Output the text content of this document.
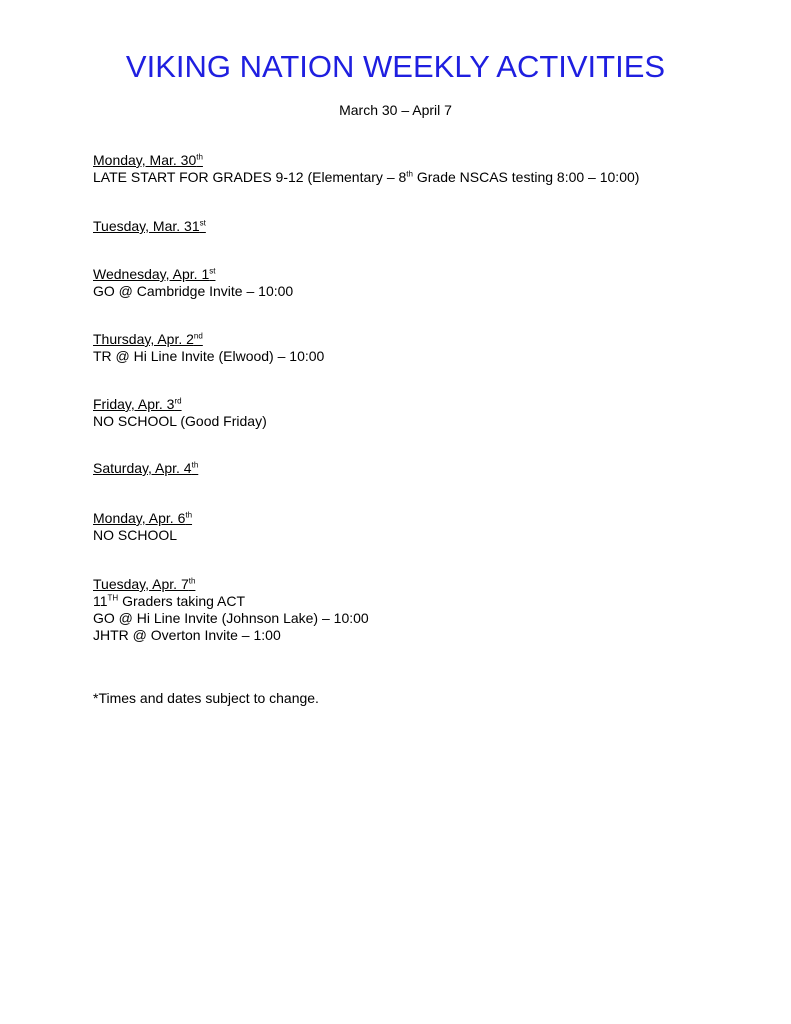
VIKING NATION WEEKLY ACTIVITIES
March 30 – April 7
Monday, Mar. 30th
LATE START FOR GRADES 9-12 (Elementary – 8th Grade NSCAS testing 8:00 – 10:00)
Tuesday, Mar. 31st
Wednesday, Apr. 1st
GO @ Cambridge Invite – 10:00
Thursday, Apr. 2nd
TR @ Hi Line Invite (Elwood) – 10:00
Friday, Apr. 3rd
NO SCHOOL (Good Friday)
Saturday, Apr. 4th
Monday, Apr. 6th
NO SCHOOL
Tuesday, Apr. 7th
11TH Graders taking ACT
GO @ Hi Line Invite (Johnson Lake) – 10:00
JHTR @ Overton Invite – 1:00
*Times and dates subject to change.
